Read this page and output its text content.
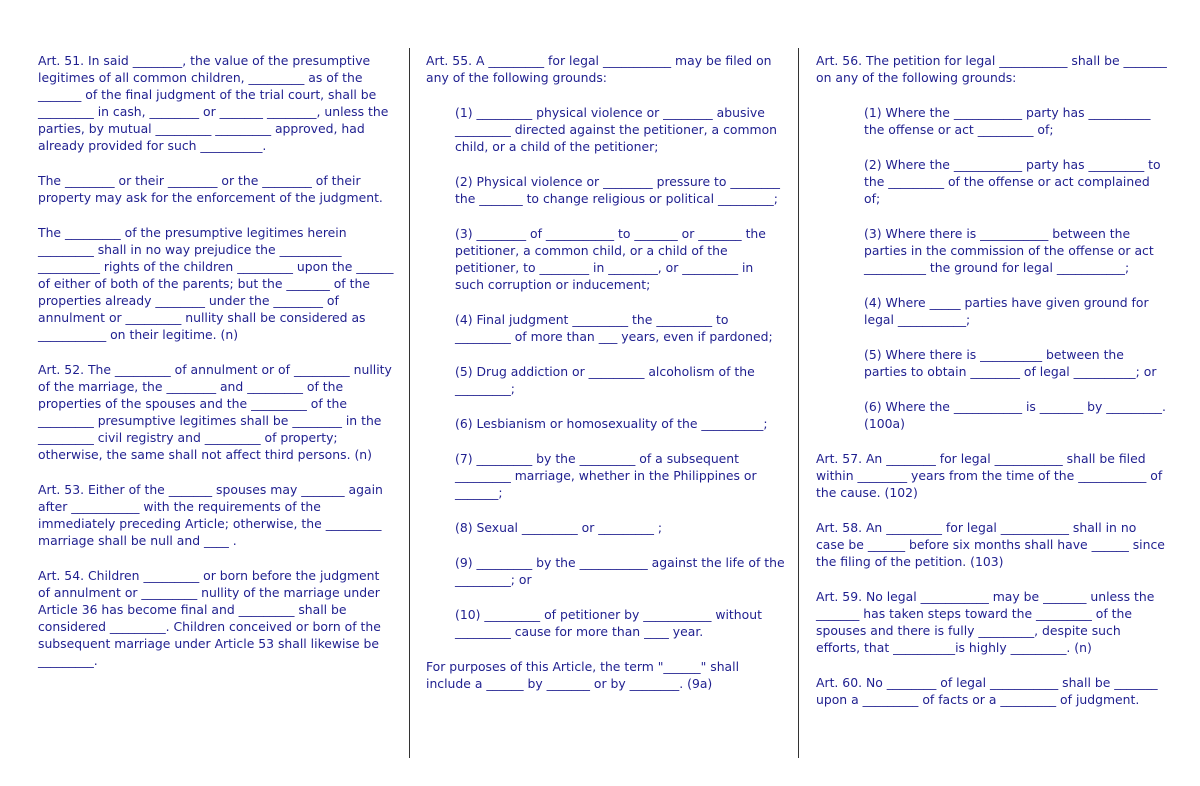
Art. 51. In said ________, the value of the presumptive legitimes of all common children, _________ as of the _______ of the final judgment of the trial court, shall be _________ in cash, ________ or _______ ________, unless the parties, by mutual _________ _________ approved, had already provided for such __________.

The ________ or their ________ or the ________ of their property may ask for the enforcement of the judgment.

The _________ of the presumptive legitimes herein _________ shall in no way prejudice the __________ __________ rights of the children _________ upon the ______ of either of both of the parents; but the _______ of the properties already ________ under the ________ of annulment or _________ nullity shall be considered as ___________ on their legitime. (n)

Art. 52. The _________ of annulment or of _________ nullity of the marriage, the ________ and _________ of the properties of the spouses and the _________ of the _________ presumptive legitimes shall be ________ in the _________ civil registry and _________ of property; otherwise, the same shall not affect third persons. (n)

Art. 53. Either of the _______ spouses may _______ again after ___________ with the requirements of the immediately preceding Article; otherwise, the _________ marriage shall be null and ____ .

Art. 54. Children _________ or born before the judgment of annulment or _________ nullity of the marriage under Article 36 has become final and _________ shall be considered _________. Children conceived or born of the subsequent marriage under Article 53 shall likewise be _________.

Art. 55. A _________ for legal ___________ may be filed on any of the following grounds:

(1) _________ physical violence or ________ abusive _________ directed against the petitioner, a common child, or a child of the petitioner;

(2) Physical violence or ________ pressure to ________ the _______ to change religious or political _________;

(3) ________ of ___________ to _______ or _______ the petitioner, a common child, or a child of the petitioner, to ________ in ________, or _________ in such corruption or inducement;

(4) Final judgment _________ the _________ to _________ of more than ___ years, even if pardoned;

(5) Drug addiction or _________ alcoholism of the _________;

(6) Lesbianism or homosexuality of the __________;

(7) _________ by the _________ of a subsequent _________ marriage, whether in the Philippines or _______;

(8) Sexual _________ or _________ ;

(9) _________ by the ___________ against the life of the _________; or

(10) _________ of petitioner by ___________ without _________ cause for more than ____ year.

For purposes of this Article, the term "______" shall include a ______ by _______ or by ________. (9a)

Art. 56. The petition for legal ___________ shall be _______ on any of the following grounds:

(1) Where the ___________ party has __________ the offense or act _________ of;

(2) Where the ___________ party has _________ to the _________ of the offense or act complained of;

(3) Where there is ___________ between the parties in the commission of the offense or act __________ the ground for legal ___________;

(4) Where _____ parties have given ground for legal ___________;

(5) Where there is __________ between the parties to obtain ________ of legal __________; or

(6) Where the ___________ is _______ by _________. (100a)

Art. 57. An ________ for legal ___________ shall be filed within ________ years from the time of the ___________ of the cause. (102)

Art. 58. An _________ for legal ___________ shall in no case be ______ before six months shall have ______ since the filing of the petition. (103)

Art. 59. No legal ___________ may be _______ unless the _______ has taken steps toward the _________ of the spouses and there is fully _________, despite such efforts, that __________is highly _________. (n)

Art. 60. No ________ of legal ___________ shall be _______ upon a _________ of facts or a _________ of judgment.
